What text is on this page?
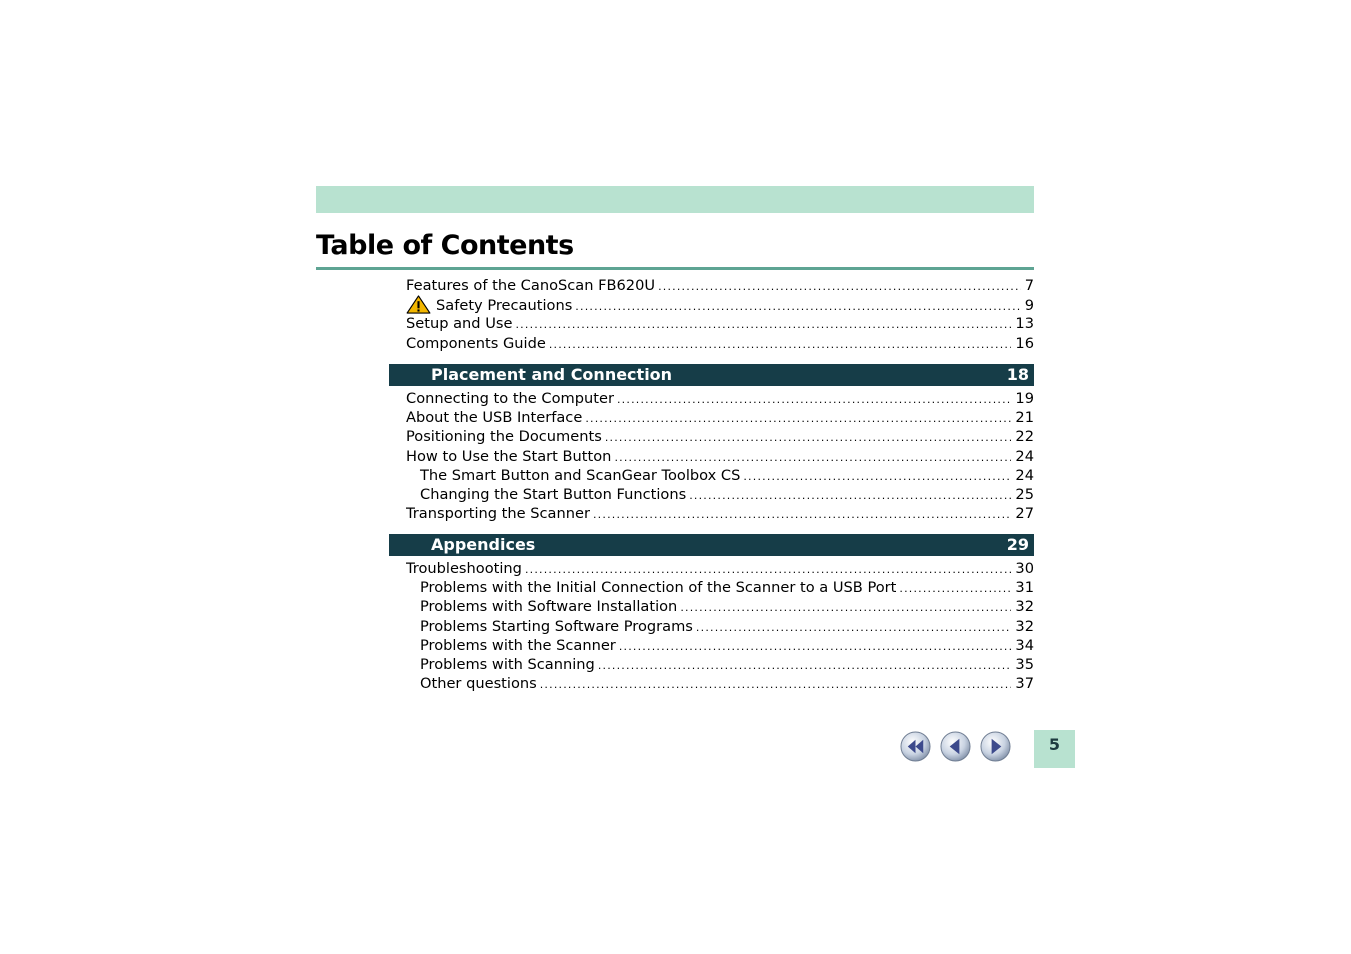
Table of Contents
Features of the CanoScan FB620U .....	7
Safety Precautions .....	9
Setup and Use .....	13
Components Guide .....	16
Placement and Connection	18
Connecting to the Computer .....	19
About the USB Interface .....	21
Positioning the Documents .....	22
How to Use the Start Button .....	24
The Smart Button and ScanGear Toolbox CS .....	24
Changing the Start Button Functions .....	25
Transporting the Scanner .....	27
Appendices	29
Troubleshooting .....	30
Problems with the Initial Connection of the Scanner to a USB Port .....	31
Problems with Software Installation .....	32
Problems Starting Software Programs .....	32
Problems with the Scanner .....	34
Problems with Scanning .....	35
Other questions .....	37
5
